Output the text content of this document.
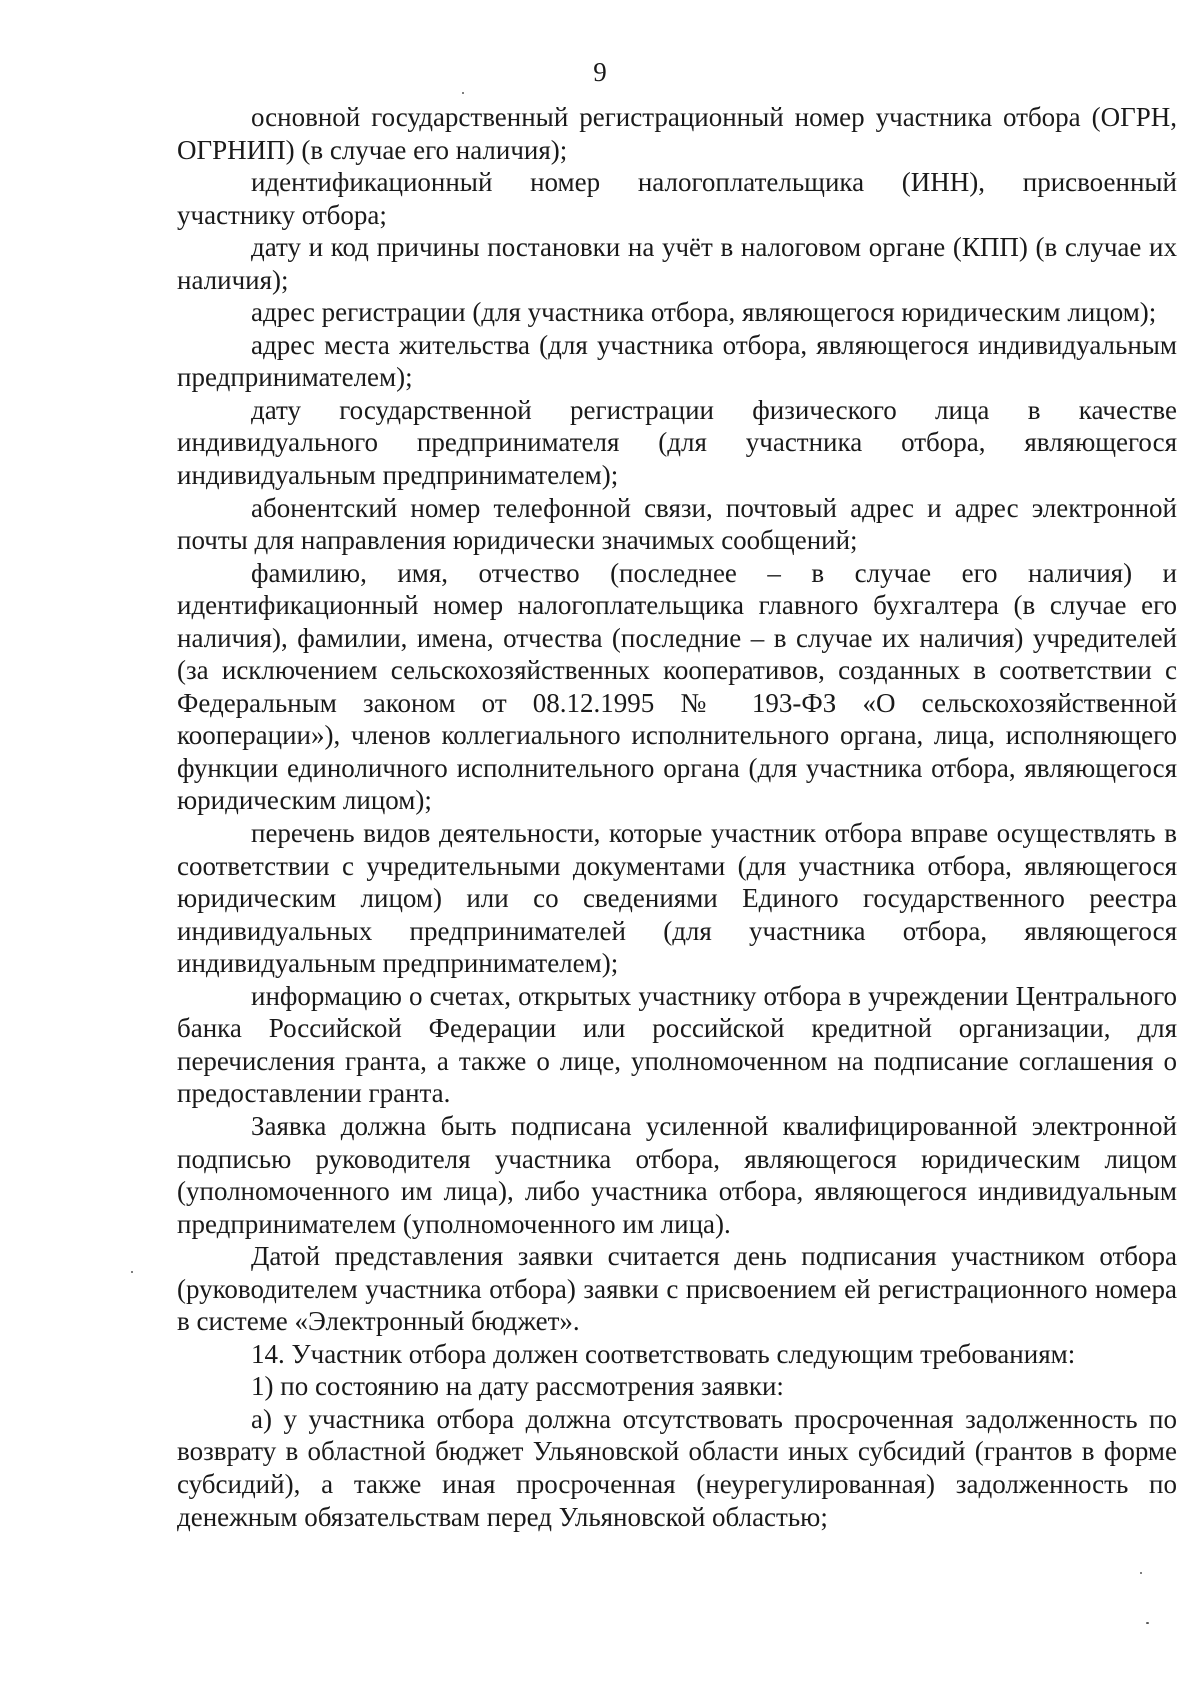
9

основной государственный регистрационный номер участника отбора (ОГРН, ОГРНИП) (в случае его наличия);

идентификационный номер налогоплательщика (ИНН), присвоенный участнику отбора;

дату и код причины постановки на учёт в налоговом органе (КПП) (в случае их наличия);

адрес регистрации (для участника отбора, являющегося юридическим лицом);

адрес места жительства (для участника отбора, являющегося индивидуальным предпринимателем);

дату государственной регистрации физического лица в качестве индивидуального предпринимателя (для участника отбора, являющегося индивидуальным предпринимателем);

абонентский номер телефонной связи, почтовый адрес и адрес электронной почты для направления юридически значимых сообщений;

фамилию, имя, отчество (последнее – в случае его наличия) и идентификационный номер налогоплательщика главного бухгалтера (в случае его наличия), фамилии, имена, отчества (последние – в случае их наличия) учредителей (за исключением сельскохозяйственных кооперативов, созданных в соответствии с Федеральным законом от 08.12.1995 № 193-ФЗ «О сельскохозяйственной кооперации»), членов коллегиального исполнительного органа, лица, исполняющего функции единоличного исполнительного органа (для участника отбора, являющегося юридическим лицом);

перечень видов деятельности, которые участник отбора вправе осуществлять в соответствии с учредительными документами (для участника отбора, являющегося юридическим лицом) или со сведениями Единого государственного реестра индивидуальных предпринимателей (для участника отбора, являющегося индивидуальным предпринимателем);

информацию о счетах, открытых участнику отбора в учреждении Центрального банка Российской Федерации или российской кредитной организации, для перечисления гранта, а также о лице, уполномоченном на подписание соглашения о предоставлении гранта.

Заявка должна быть подписана усиленной квалифицированной электронной подписью руководителя участника отбора, являющегося юридическим лицом (уполномоченного им лица), либо участника отбора, являющегося индивидуальным предпринимателем (уполномоченного им лица).

Датой представления заявки считается день подписания участником отбора (руководителем участника отбора) заявки с присвоением ей регистрационного номера в системе «Электронный бюджет».

14. Участник отбора должен соответствовать следующим требованиям:

1) по состоянию на дату рассмотрения заявки:

а) у участника отбора должна отсутствовать просроченная задолженность по возврату в областной бюджет Ульяновской области иных субсидий (грантов в форме субсидий), а также иная просроченная (неурегулированная) задолженность по денежным обязательствам перед Ульяновской областью;
